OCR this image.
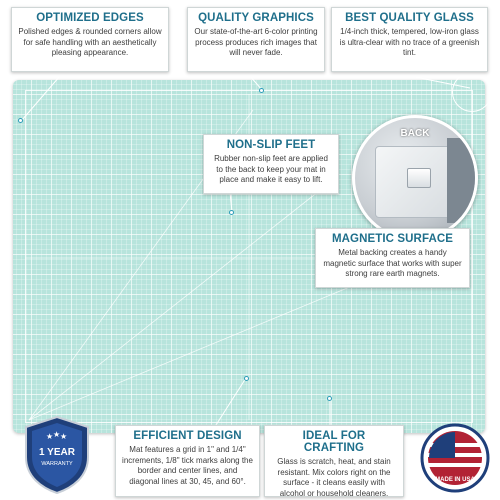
BACK
OPTIMIZED EDGES

Polished edges & rounded corners allow for safe handling with an aesthetically pleasing appearance.

QUALITY GRAPHICS

Our state-of-the-art 6-color printing process produces rich images that will never fade.

BEST QUALITY GLASS

1/4-inch thick, tempered, low-iron glass is ultra-clear with no trace of a greenish tint.

NON-SLIP FEET

Rubber non-slip feet are applied to the back to keep your mat in place and make it easy to lift.

MAGNETIC SURFACE

Metal backing creates a handy magnetic surface that works with super strong rare earth magnets.

EFFICIENT DESIGN

Mat features a grid in 1" and 1/4" increments, 1/8" tick marks along the border and center lines, and diagonal lines at 30, 45, and 60°.

IDEAL FOR CRAFTING

Glass is scratch, heat, and stain resistant. Mix colors right on the surface - it cleans easily with alcohol or household cleaners.

★ ★ ★
1 YEAR
WARRANTY
MADE IN USA
